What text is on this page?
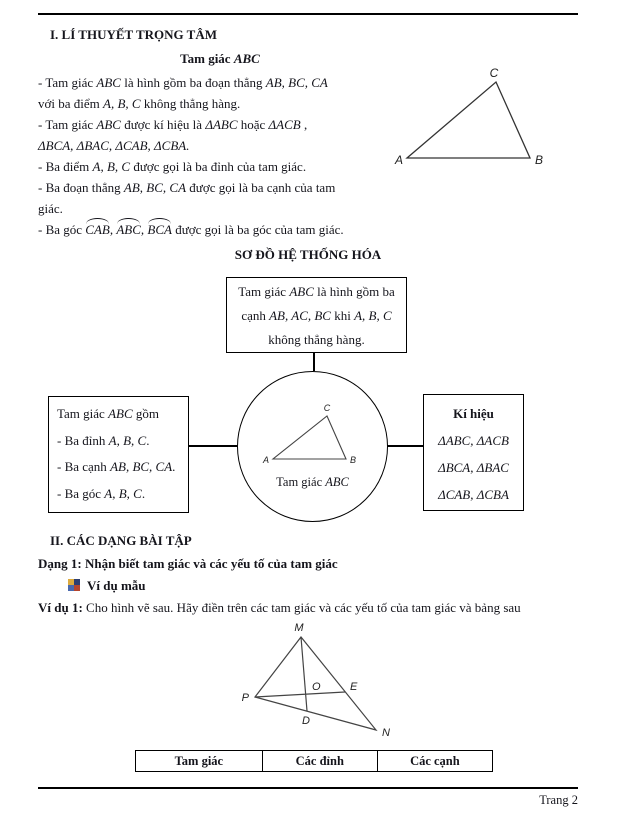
I. LÍ THUYẾT TRỌNG TÂM
Tam giác ABC
- Tam giác ABC là hình gồm ba đoạn thẳng AB, BC, CA
với ba điểm A, B, C không thẳng hàng.
- Tam giác ABC được kí hiệu là ΔABC hoặc ΔACB ,
ΔBCA, ΔBAC, ΔCAB, ΔCBA.
- Ba điểm A, B, C được gọi là ba đỉnh của tam giác.
- Ba đoạn thẳng AB, BC, CA được gọi là ba cạnh của tam
giác.
- Ba góc CAB, ABC, BCA được gọi là ba góc của tam giác.
A	B
C
SƠ ĐỒ HỆ THỐNG HÓA
Tam giác ABC là hình gồm ba
cạnh AB, AC, BC khi A, B, C
không thẳng hàng.
A	B
C
Tam giác ABC
Tam giác ABC gồm
- Ba đỉnh A, B, C.
- Ba cạnh AB, BC, CA.
- Ba góc A, B, C.
Kí hiệu
ΔABC, ΔACB
ΔBCA, ΔBAC
ΔCAB, ΔCBA
II. CÁC DẠNG BÀI TẬP
Dạng 1: Nhận biết tam giác và các yếu tố của tam giác
Ví dụ mẫu
Ví dụ 1: Cho hình vẽ sau. Hãy điền trên các tam giác và các yếu tố của tam giác và bảng sau
M
P
O	E
D
N
Tam giác	Các đỉnh	Các cạnh
Trang 2
